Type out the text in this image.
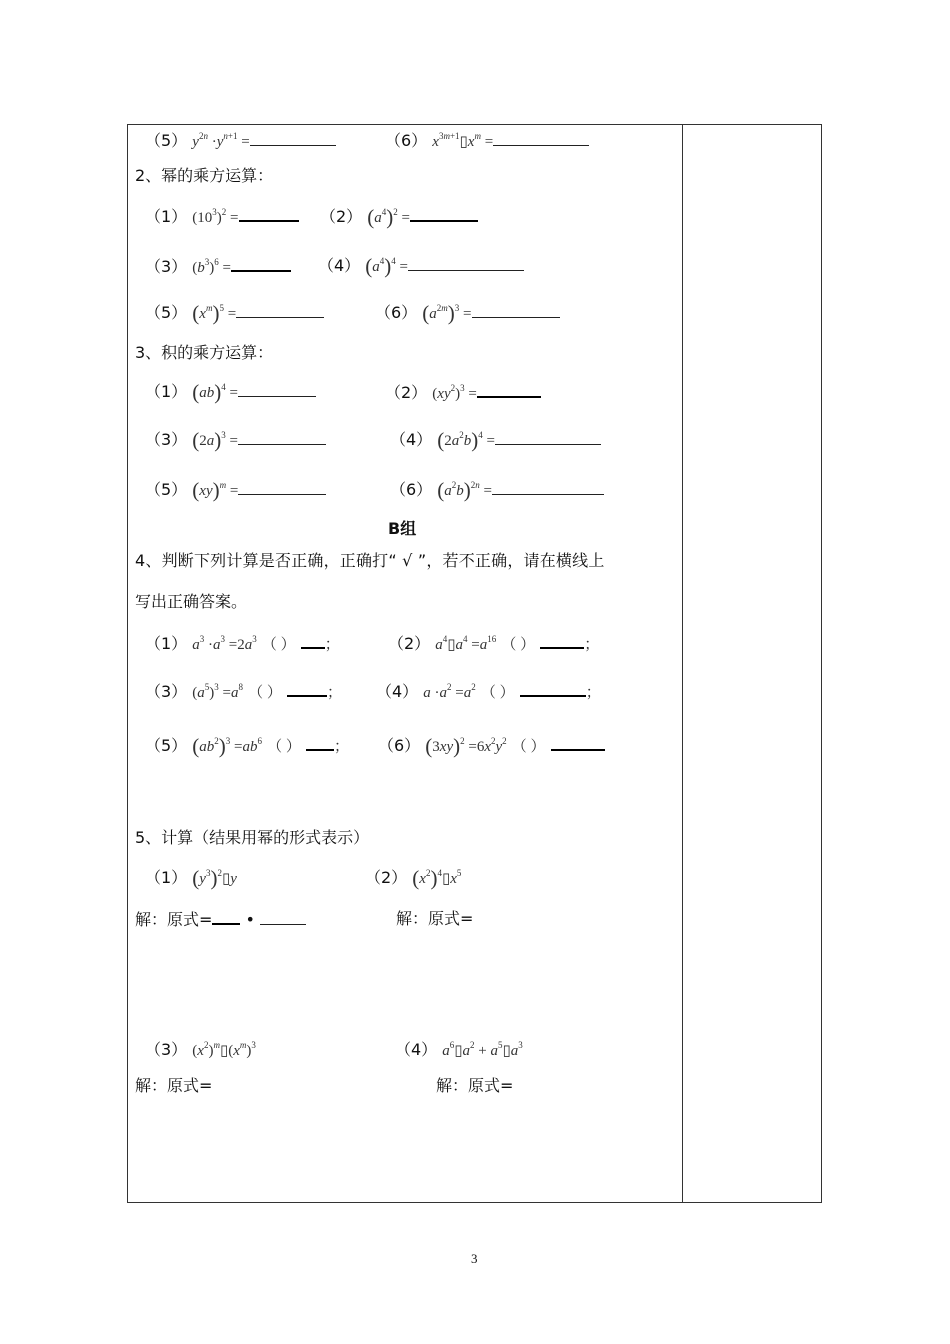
（5） $y^{2n} \cdot y^{n+1}$ =	（6） $x^{3m+1}▯x^m$ =
2、幂的乘方运算：
（1） $(10^3)^2$ =	（2） $(a^4)^2$ =
（3） $(b^3)^6$ =	（4） $(a^4)^4$ =
（5） $(x^m)^5$ =	（6） $(a^{2m})^3$ =
3、积的乘方运算：
（1） (ab)$^4$ =	（2） $(xy^2)^3$ =
（3） $(2a)^3$ =	（4） $(2a^2b)^4$ =
（5） (xy)$^m$ =	（6） $(a^2b)^{2n}$ =
B组
4、判断下列计算是否正确，正确打“ √ ”，若不正确，请在横线上
写出正确答案。
（1） $a^3 \cdot a^3 =2a^3$ （ ） ；	（2） $a^4▯a^4 =a^{16}$ （ ）	；
（3） $(a^5)^3 =a^8$ （ ）	； （4） $a \cdot a^2 =a^2$ （ ）	；
（5） $(ab^2)^3 =ab^6$ （ ） ； （6） $(3xy)^2 =6x^2y^2$ （ ）
5、计算（结果用幂的形式表示）
（1） $(y^3)^2▯y$	（2） $(x^2)^4▯x^5$
解：原式= •	解：原式=
（3） $(x^2)^m▯(x^m)^3$	（4） $a^6▯a^2$ + $a^5▯a^3$
解：原式=	解：原式=
3
